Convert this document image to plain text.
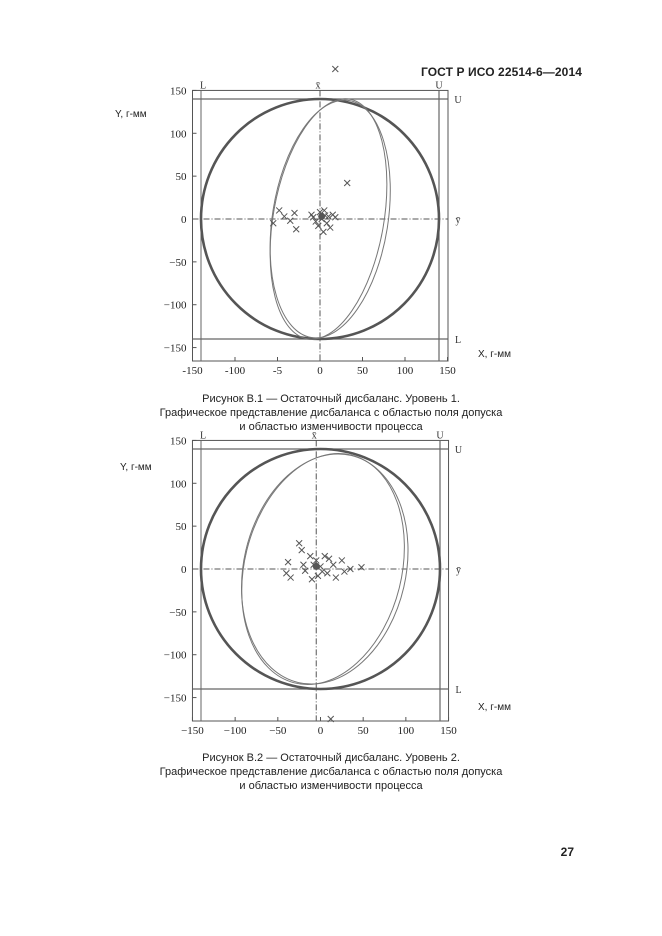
ГОСТ Р ИСО 22514-6—2014
Y, г-мм
X, г-мм
150
100
50
0
−50
−100
−150
-150 -100	-5	0	50	100 150
L	x̄	U
U
ȳ
L
Рисунок В.1 — Остаточный дисбаланс. Уровень 1.
Графическое представление дисбаланса с областью поля допуска
и областью изменчивости процесса
Y, г-мм
X, г-мм
150
100
50
0
−50
−100
−150
−150 −100 −50	0	50	100 150
L	x̄	U
U
ȳ
L
Рисунок В.2 — Остаточный дисбаланс. Уровень 2.
Графическое представление дисбаланса с областью поля допуска
и областью изменчивости процесса
27
